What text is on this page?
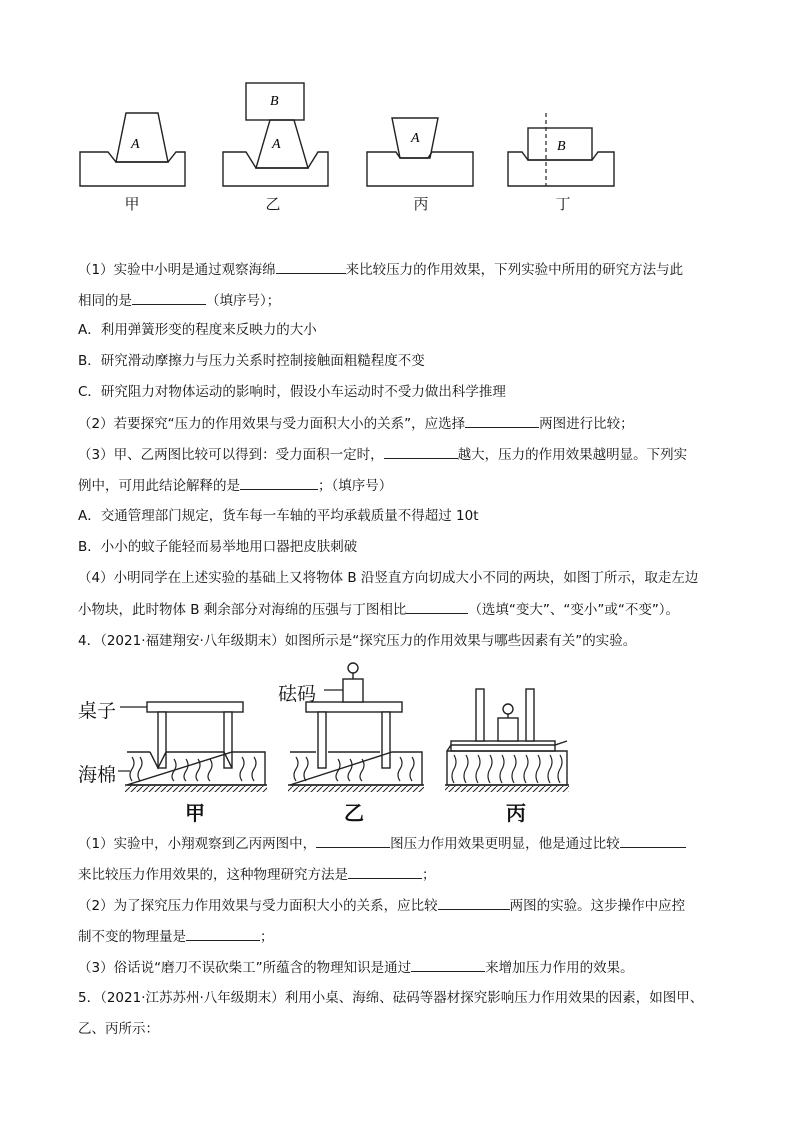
A	A
B
A
B
甲	乙	丙	丁
（1）实验中小明是通过观察海绵	来比较压力的作用效果，下列实验中所用的研究方法与此
相同的是	（填序号）；
A．利用弹簧形变的程度来反映力的大小
B．研究滑动摩擦力与压力关系时控制接触面粗糙程度不变
C．研究阻力对物体运动的影响时，假设小车运动时不受力做出科学推理
（2）若要探究“压力的作用效果与受力面积大小的关系”，应选择	两图进行比较；
（3）甲、乙两图比较可以得到：受力面积一定时，	越大，压力的作用效果越明显。下列实
例中，可用此结论解释的是	；（填序号）
A．交通管理部门规定，货车每一车轴的平均承载质量不得超过 10t
B．小小的蚊子能轻而易举地用口器把皮肤刺破
（4）小明同学在上述实验的基础上又将物体 B 沿竖直方向切成大小不同的两块，如图丁所示，取走左边
小物块，此时物体 B 剩余部分对海绵的压强与丁图相比	（选填“变大”、“变小”或“不变”）。
4．（2021·福建翔安·八年级期末）如图所示是“探究压力的作用效果与哪些因素有关”的实验。
桌子
砝码
海棉
甲	乙	丙
（1）实验中，小翔观察到乙丙两图中，	图压力作用效果更明显，他是通过比较
来比较压力作用效果的，这种物理研究方法是	；
（2）为了探究压力作用效果与受力面积大小的关系，应比较	两图的实验。这步操作中应控
制不变的物理量是	；
（3）俗话说“磨刀不误砍柴工”所蕴含的物理知识是通过	来增加压力作用的效果。
5．（2021·江苏苏州·八年级期末）利用小桌、海绵、砝码等器材探究影响压力作用效果的因素，如图甲、
乙、丙所示：
